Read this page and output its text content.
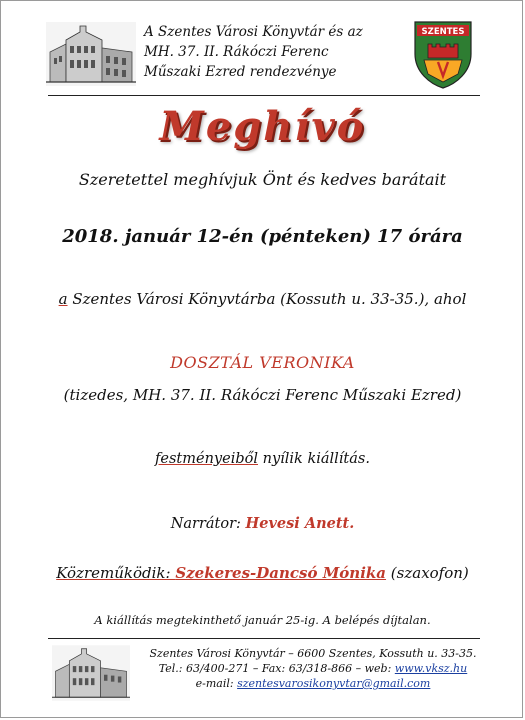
A Szentes Városi Könyvtár és az
MH. 37. II. Rákóczi Ferenc
Műszaki Ezred rendezvénye
SZENTES
Meghívó
Szeretettel meghívjuk Önt és kedves barátait
2018. január 12-én (pénteken) 17 órára
a Szentes Városi Könyvtárba (Kossuth u. 33-35.), ahol
DOSZTÁL VERONIKA
(tizedes, MH. 37. II. Rákóczi Ferenc Műszaki Ezred)
festményeiből nyílik kiállítás.
Narrátor: Hevesi Anett.
Közreműködik: Szekeres-Dancsó Mónika (szaxofon)
A kiállítás megtekinthető január 25-ig. A belépés díjtalan.
Szentes Városi Könyvtár – 6600 Szentes, Kossuth u. 33-35.
Tel.: 63/400-271 – Fax: 63/318-866 – web: www.vksz.hu
e-mail: szentesvarosikonyvtar@gmail.com
